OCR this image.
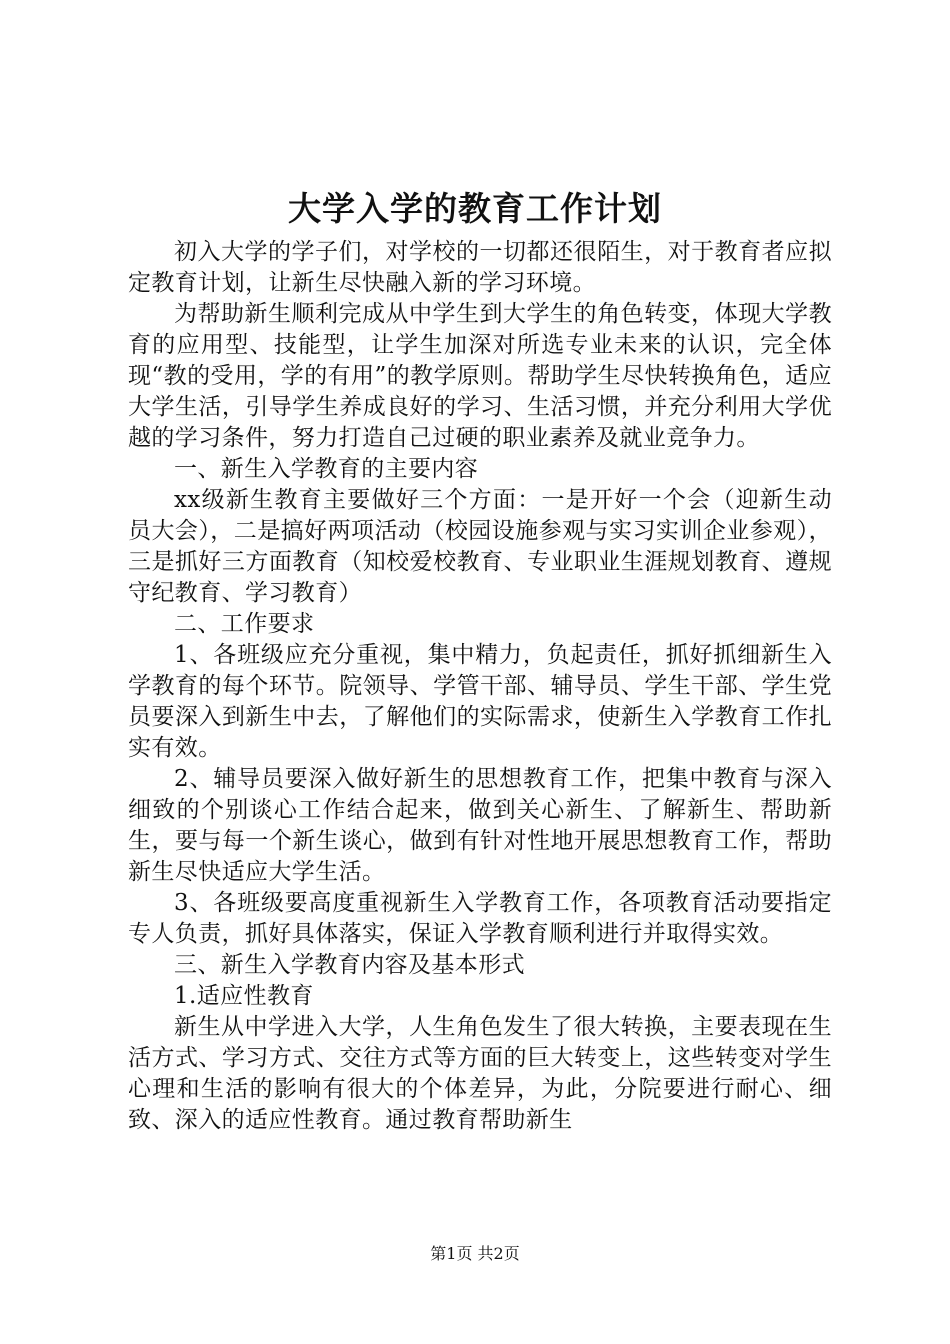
大学入学的教育工作计划

初入大学的学子们，对学校的一切都还很陌生，对于教育者应拟定教育计划，让新生尽快融入新的学习环境。

为帮助新生顺利完成从中学生到大学生的角色转变，体现大学教育的应用型、技能型，让学生加深对所选专业未来的认识，完全体现“教的受用，学的有用”的教学原则。帮助学生尽快转换角色，适应大学生活，引导学生养成良好的学习、生活习惯，并充分利用大学优越的学习条件，努力打造自己过硬的职业素养及就业竞争力。

一、新生入学教育的主要内容

xx级新生教育主要做好三个方面：一是开好一个会（迎新生动员大会），二是搞好两项活动（校园设施参观与实习实训企业参观），三是抓好三方面教育（知校爱校教育、专业职业生涯规划教育、遵规守纪教育、学习教育）

二、工作要求

1、各班级应充分重视，集中精力，负起责任，抓好抓细新生入学教育的每个环节。院领导、学管干部、辅导员、学生干部、学生党员要深入到新生中去，了解他们的实际需求，使新生入学教育工作扎实有效。

2、辅导员要深入做好新生的思想教育工作，把集中教育与深入细致的个别谈心工作结合起来，做到关心新生、了解新生、帮助新生，要与每一个新生谈心，做到有针对性地开展思想教育工作，帮助新生尽快适应大学生活。

3、各班级要高度重视新生入学教育工作，各项教育活动要指定专人负责，抓好具体落实，保证入学教育顺利进行并取得实效。

三、新生入学教育内容及基本形式

1.适应性教育

新生从中学进入大学，人生角色发生了很大转换，主要表现在生活方式、学习方式、交往方式等方面的巨大转变上，这些转变对学生心理和生活的影响有很大的个体差异，为此，分院要进行耐心、细致、深入的适应性教育。通过教育帮助新生

第1页 共2页
